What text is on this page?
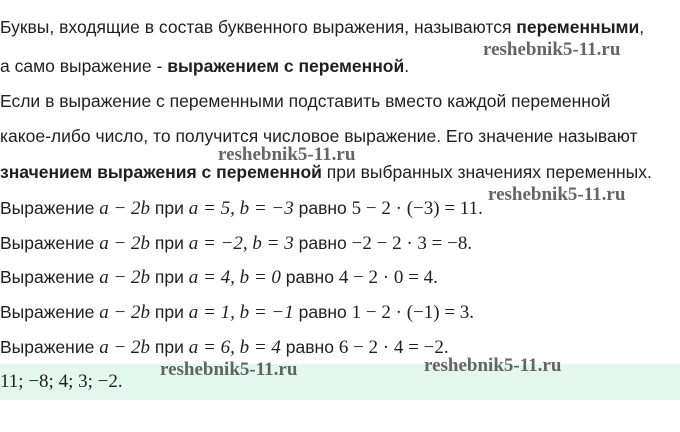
Буквы, входящие в состав буквенного выражения, называются переменными,
а само выражение - выражением с переменной.
Если в выражение с переменными подставить вместо каждой переменной
какое-либо число, то получится числовое выражение. Его значение называют
значением выражения с переменной при выбранных значениях переменных.
Выражение a − 2b при a = 5, b = −3 равно 5 − 2 · (−3) = 11.
Выражение a − 2b при a = −2, b = 3 равно −2 − 2 · 3 = −8.
Выражение a − 2b при a = 4, b = 0 равно 4 − 2 · 0 = 4.
Выражение a − 2b при a = 1, b = −1 равно 1 − 2 · (−1) = 3.
Выражение a − 2b при a = 6, b = 4 равно 6 − 2 · 4 = −2.
11; −8; 4; 3; −2.
reshebnik5-11.ru
reshebnik5-11.ru
reshebnik5-11.ru
reshebnik5-11.ru	reshebnik5-11.ru
